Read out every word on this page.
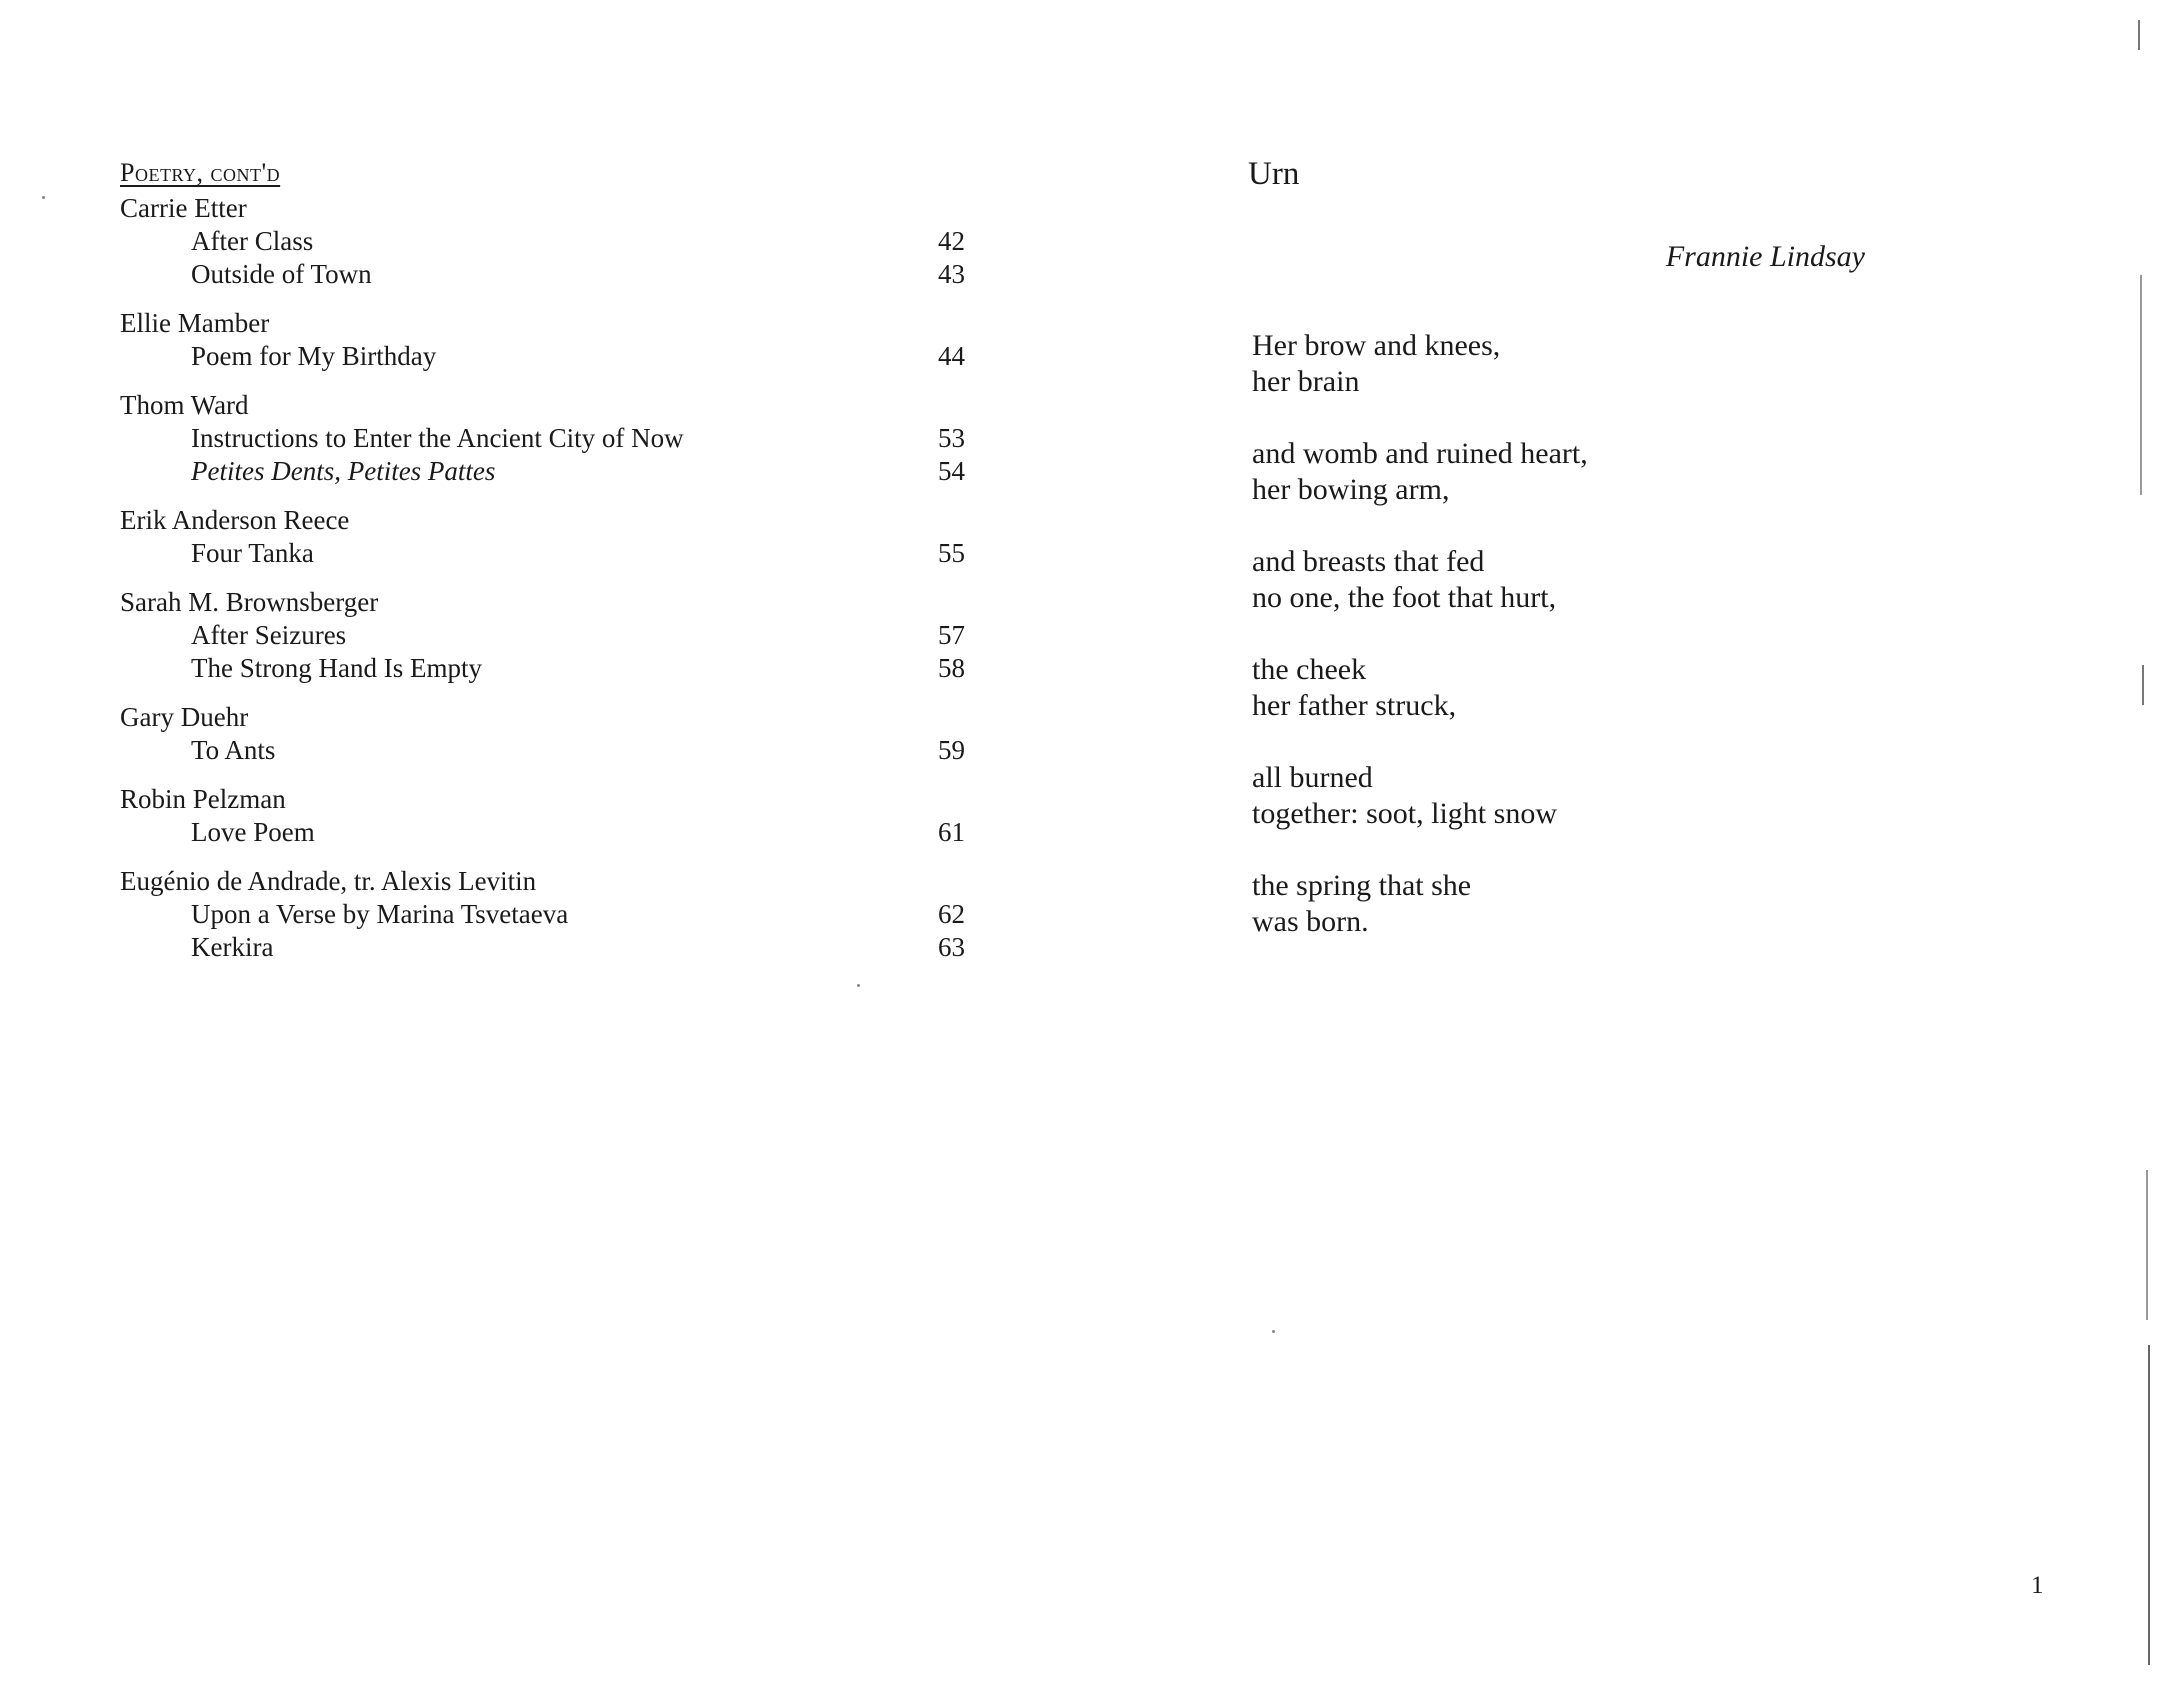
Poetry, cont'd
Carrie Etter
After Class	42
Outside of Town	43
Ellie Mamber
Poem for My Birthday	44
Thom Ward
Instructions to Enter the Ancient City of Now	53
Petites Dents, Petites Pattes	54
Erik Anderson Reece
Four Tanka	55
Sarah M. Brownsberger
After Seizures	57
The Strong Hand Is Empty	58
Gary Duehr
To Ants	59
Robin Pelzman
Love Poem	61
Eugénio de Andrade, tr. Alexis Levitin
Upon a Verse by Marina Tsvetaeva	62
Kerkira	63
Urn
Frannie Lindsay
Her brow and knees,
her brain
and womb and ruined heart,
her bowing arm,
and breasts that fed
no one, the foot that hurt,
the cheek
her father struck,
all burned
together: soot, light snow
the spring that she
was born.
1
